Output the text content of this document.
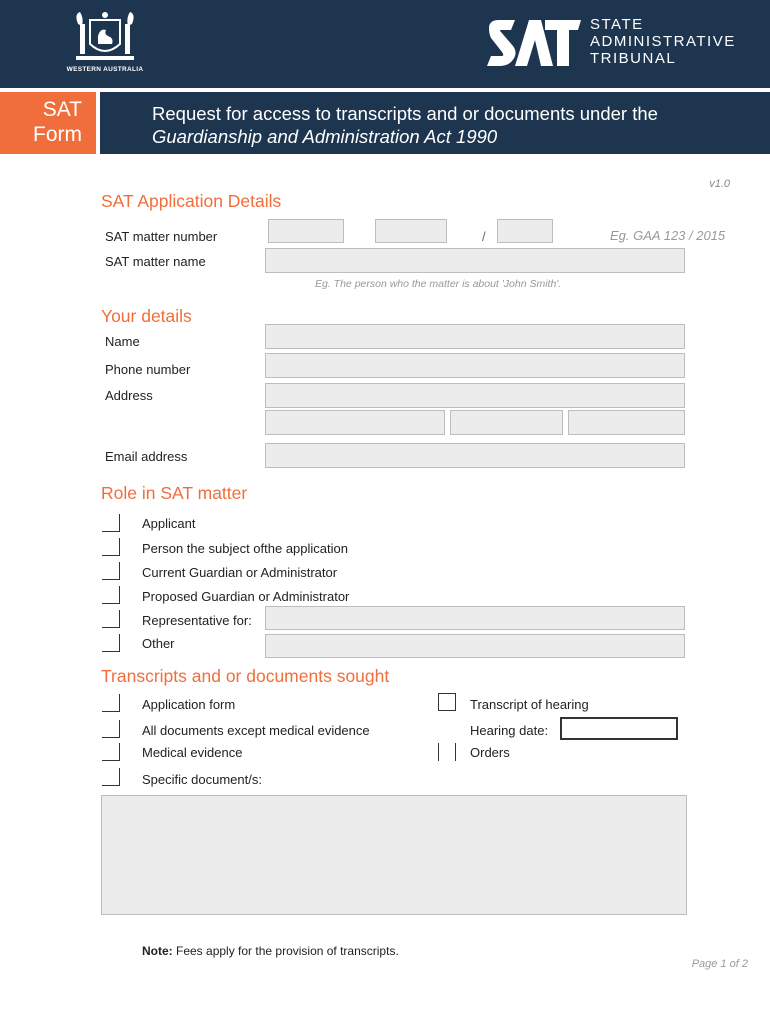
WESTERN AUSTRALIA
STATE
ADMINISTRATIVE
TRIBUNAL
SAT
Form
Request for access to transcripts and or documents under the
Guardianship and Administration Act 1990
v1.0
SAT Application Details
SAT matter number	/	Eg. GAA 123 / 2015
SAT matter name
Eg. The person who the matter is about 'John Smith'.
Your details
Name
Phone number
Address
Email address
Role in SAT matter
Applicant
Person the subject ofthe application
Current Guardian or Administrator
Proposed Guardian or Administrator
Representative for:
Other
Transcripts and or documents sought
Application form
All documents except medical evidence
Medical evidence
Specific document/s:
Transcript of hearing
Hearing date:
Orders
Note: Fees apply for the provision of transcripts.
Page 1 of 2
